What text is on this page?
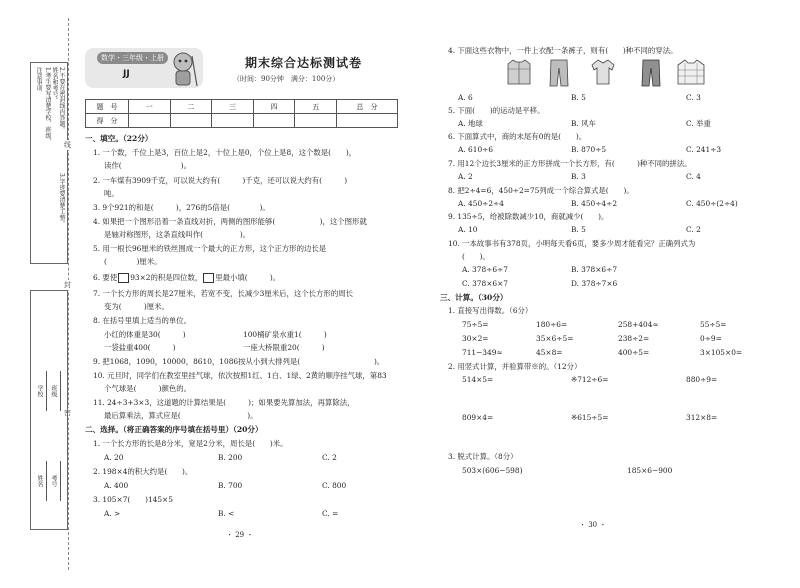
注意事项 1.考生要写清楚学校、班级、 姓名和考号。 2.不要在密封线内答题。
3.字迹要清楚工整。
线
封
密
学校
姓名
班级
考号
数学・三年级・上册
JJ
期末综合达标测试卷
（时间：90分钟　满分：100分）
题　号	一	二	三	四	五	总　分
得　分						
一、填空。（22分）
1. 一个数，千位上是3，百位上是2，十位上是0，个位上是8，这个数是(　　)，
读作(　　　　　　　　)。
2. 一车煤有3909千克，可以说大约有(　　　)千克，还可以说大约有(　　　)
吨。
3. 9个921的和是(　　　)，276的5倍是(　　　　)。
4. 如果把一个图形沿着一条直线对折，两侧的图形能够(　　　　　　)，这个图形就
是轴对称图形，这条直线叫作(　　　　　)。
5. 用一根长96厘米的铁丝围成一个最大的正方形，这个正方形的边长是
(　　　　)厘米。
6. 要使 93×2的积是四位数， 里最小填(　　　)。
7. 一个长方形的周长是27厘米，若宽不变，长减少3厘米后，这个长方形的周长
变为(　　　)厘米。
8. 在括号里填上适当的单位。
小红的体重是30(　　　)	100桶矿泉水重1(　　　)
一袋盐重400(　　　)	一座大桥限重20(　　　)
9. 把1068，1090，10000，8610，1086按从小到大排列是(　　　　　　　　　　)。
10. 元旦时，同学们在教室里挂气球，依次按照1红、1白、1绿、2黄的顺序挂气球，第83
个气球是(　　　)颜色的。
11. 24÷3+3×3，这道题的计算结果是(　　　)；如果要先算加法，再算除法，
最后算乘法，算式应是(　　　　　　　　　)。
二、选择。（将正确答案的序号填在括号里）（20分）
1. 一个长方形的长是8分米，宽是2分米，周长是(　　)米。
A. 20	B. 200	C. 2
2. 198×4的积大约是(　　)。
A. 400	B. 700	C. 800
3. 105×7(　　)145×5
A. >	B. <	C. =
・ 29 ・
4. 下面这些衣物中，一件上衣配一条裤子，则有(　　)种不同的穿法。
A. 6	B. 5	C. 3
5. 下面(　　)的运动是平移。
A. 地球	B. 风车	C. 举重
6. 下面算式中，商的末尾有0的是(　　)。
A. 610÷6	B. 870÷5	C. 241÷3
7. 用12个边长3厘米的正方形拼成一个长方形，有(　　　)种不同的拼法。
A. 2	B. 3	C. 4
8. 把2÷4=6，450÷2=75列成一个综合算式是(　　)。
A. 450÷2÷4	B. 450÷4÷2	C. 450÷(2÷4)
9. 135÷5，给被除数减少10，商就减少(　　)。
A. 10	B. 5	C. 2
10. 一本故事书有378页，小明每天看6页，要多少周才能看完？正确列式为
(　　)。
A. 378÷6÷7	B. 378×6÷7
C. 378×6×7	D. 378÷7×6
三、计算。（30分）
1. 直接写出得数。（6分）
75÷5=	180÷6=	258+404≈	55÷5=
30×2=	35×6÷5=	238÷2=	0÷9=
711−349≈	45×8=	400÷5=	3×105×0=
2. 用竖式计算，并验算带※的。（12分）
514×5=	※712÷6=	880÷9=
809×4=	※615÷5=	312×8=
3. 脱式计算。（8分）
503×(606−598)	185×6−900
・ 30 ・
